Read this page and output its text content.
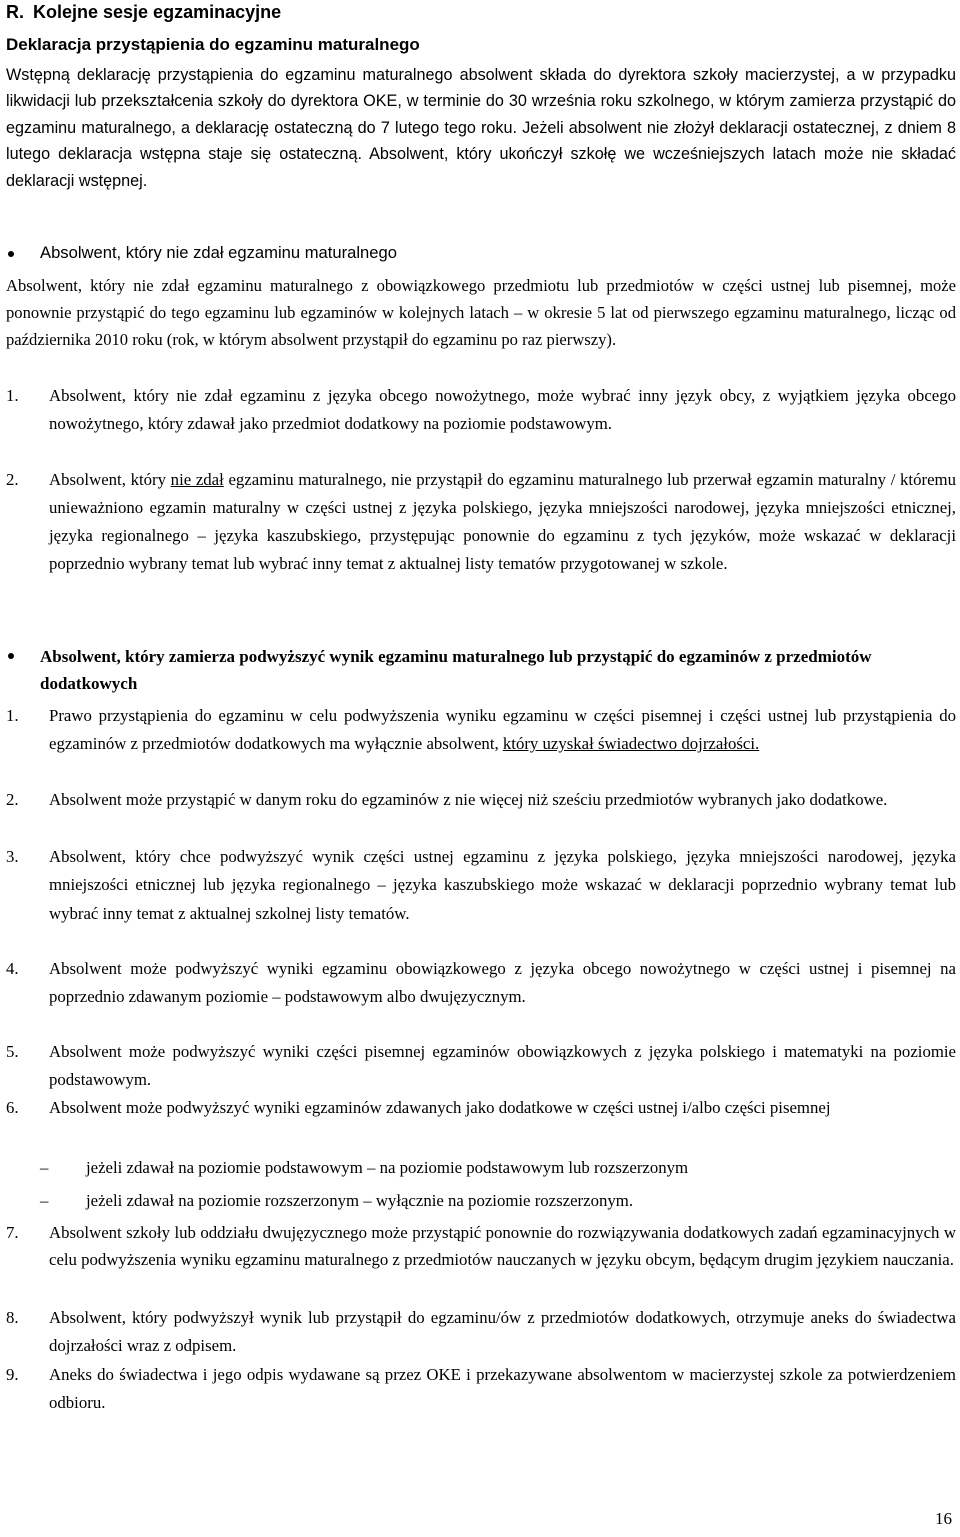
R. Kolejne sesje egzaminacyjne
Deklaracja przystąpienia do egzaminu maturalnego
Wstępną deklarację przystąpienia do egzaminu maturalnego absolwent składa do dyrektora szkoły macierzystej, a w przypadku likwidacji lub przekształcenia szkoły do dyrektora OKE, w terminie do 30 września roku szkolnego, w którym zamierza przystąpić do egzaminu maturalnego, a deklarację ostateczną do 7 lutego tego roku. Jeżeli absolwent nie złożył deklaracji ostatecznej, z dniem 8 lutego deklaracja wstępna staje się ostateczną. Absolwent, który ukończył szkołę we wcześniejszych latach może nie składać deklaracji wstępnej.
Absolwent, który nie zdał egzaminu maturalnego
Absolwent, który nie zdał egzaminu maturalnego z obowiązkowego przedmiotu lub przedmiotów w części ustnej lub pisemnej, może ponownie przystąpić do tego egzaminu lub egzaminów w kolejnych latach – w okresie 5 lat od pierwszego egzaminu maturalnego, licząc od października 2010 roku (rok, w którym absolwent przystąpił do egzaminu po raz pierwszy).
1.	Absolwent, który nie zdał egzaminu z języka obcego nowożytnego, może wybrać inny język obcy, z wyjątkiem języka obcego nowożytnego, który zdawał jako przedmiot dodatkowy na poziomie podstawowym.
2.	Absolwent, który nie zdał egzaminu maturalnego, nie przystąpił do egzaminu maturalnego lub przerwał egzamin maturalny / któremu unieważniono egzamin maturalny w części ustnej z języka polskiego, języka mniejszości narodowej, języka mniejszości etnicznej, języka regionalnego – języka kaszubskiego, przystępując ponownie do egzaminu z tych języków, może wskazać w deklaracji poprzednio wybrany temat lub wybrać inny temat z aktualnej listy tematów przygotowanej w szkole.
Absolwent, który zamierza podwyższyć wynik egzaminu maturalnego lub przystąpić do egzaminów z przedmiotów dodatkowych
1.	Prawo przystąpienia do egzaminu w celu podwyższenia wyniku egzaminu w części pisemnej i części ustnej lub przystąpienia do egzaminów z przedmiotów dodatkowych ma wyłącznie absolwent, który uzyskał świadectwo dojrzałości.
2.	Absolwent może przystąpić w danym roku do egzaminów z nie więcej niż sześciu przedmiotów wybranych jako dodatkowe.
3.	Absolwent, który chce podwyższyć wynik części ustnej egzaminu z języka polskiego, języka mniejszości narodowej, języka mniejszości etnicznej lub języka regionalnego – języka kaszubskiego może wskazać w deklaracji poprzednio wybrany temat lub wybrać inny temat z aktualnej szkolnej listy tematów.
4.	Absolwent może podwyższyć wyniki egzaminu obowiązkowego z języka obcego nowożytnego w części ustnej i pisemnej na poprzednio zdawanym poziomie – podstawowym albo dwujęzycznym.
5.	Absolwent może podwyższyć wyniki części pisemnej egzaminów obowiązkowych z języka polskiego i matematyki na poziomie podstawowym.
6.	Absolwent może podwyższyć wyniki egzaminów zdawanych jako dodatkowe w części ustnej i/albo części pisemnej
–	jeżeli zdawał na poziomie podstawowym – na poziomie podstawowym lub rozszerzonym
–	jeżeli zdawał na poziomie rozszerzonym – wyłącznie na poziomie rozszerzonym.
7.	Absolwent szkoły lub oddziału dwujęzycznego może przystąpić ponownie do rozwiązywania dodatkowych zadań egzaminacyjnych w celu podwyższenia wyniku egzaminu maturalnego z przedmiotów nauczanych w języku obcym, będącym drugim językiem nauczania.
8.	Absolwent, który podwyższył wynik lub przystąpił do egzaminu/ów z przedmiotów dodatkowych, otrzymuje aneks do świadectwa dojrzałości wraz z odpisem.
9.	Aneks do świadectwa i jego odpis wydawane są przez OKE i przekazywane absolwentom w macierzystej szkole za potwierdzeniem odbioru.
16
